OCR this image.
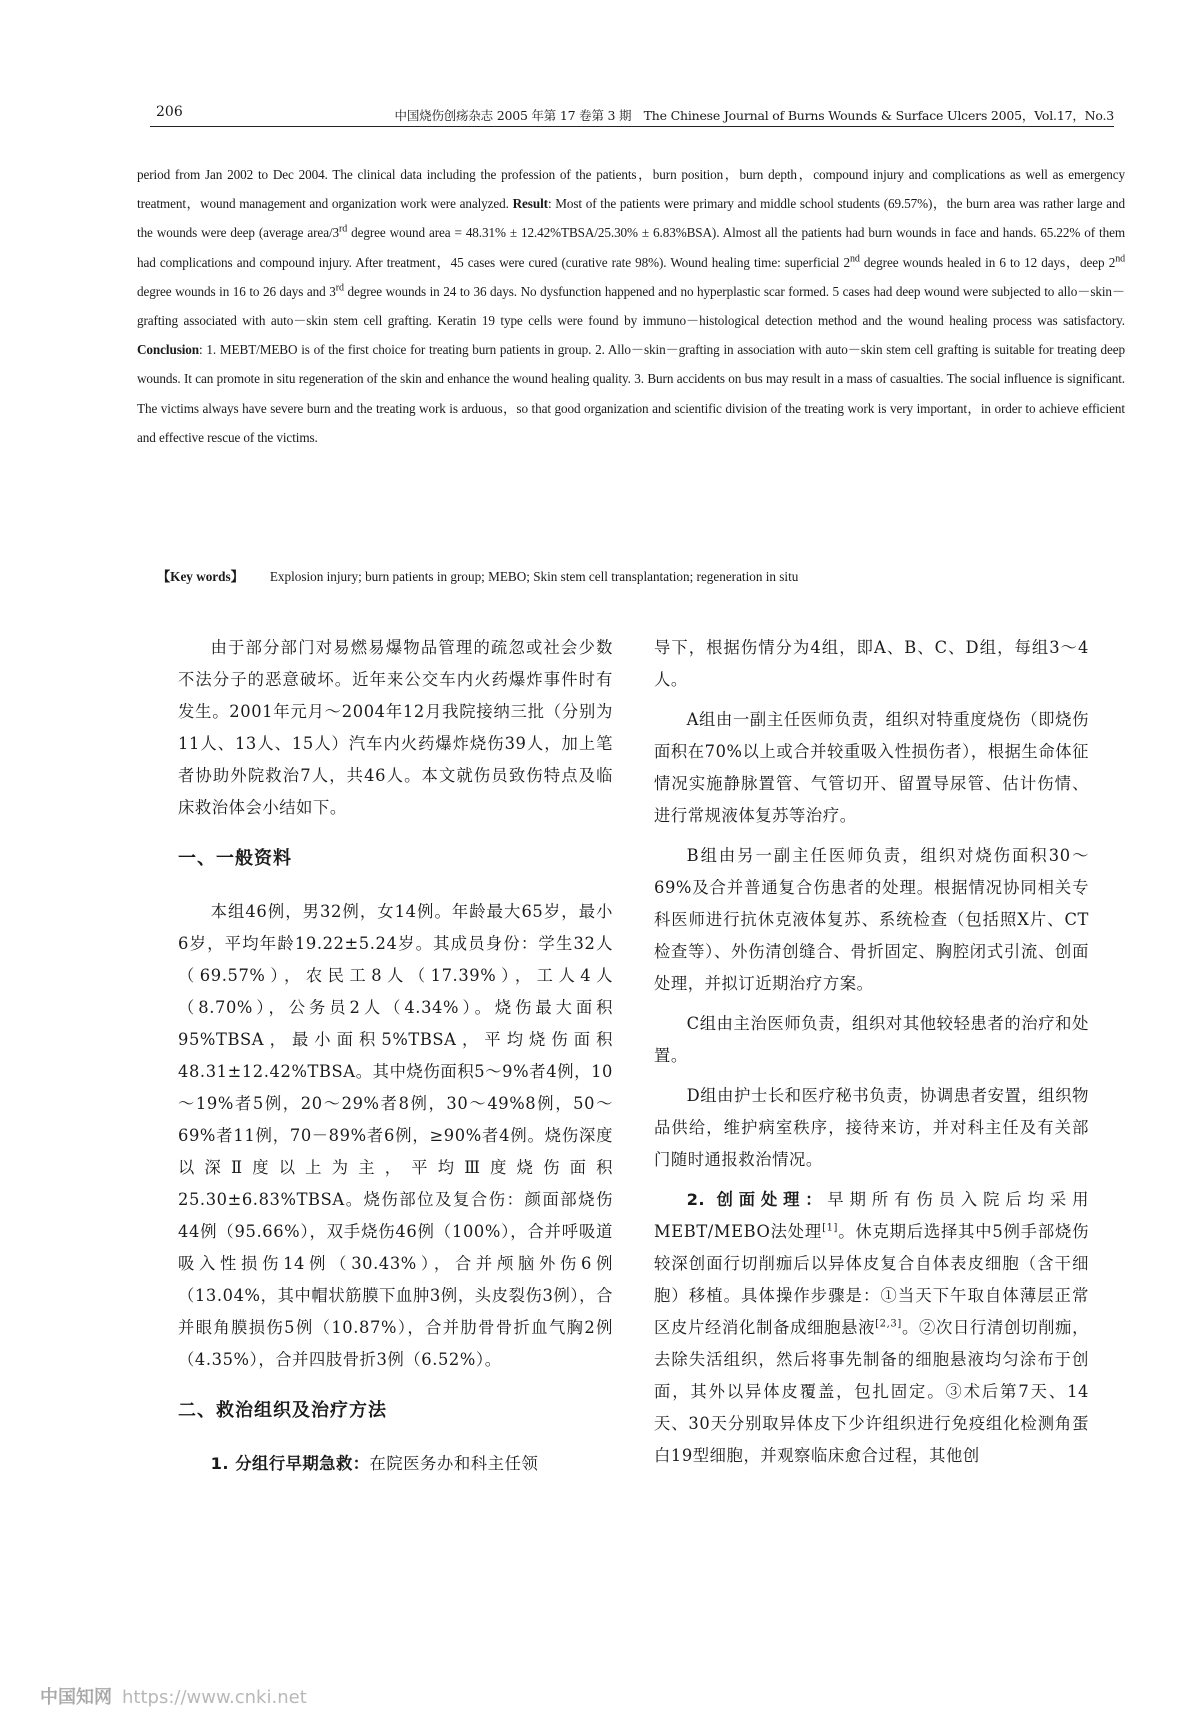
206	中国烧伤创疡杂志 2005 年第 17 卷第 3 期　The Chinese Journal of Burns Wounds & Surface Ulcers 2005，Vol.17，No.3
period from Jan 2002 to Dec 2004. The clinical data including the profession of the patients，burn position，burn depth，compound injury and complications as well as emergency treatment，wound management and organization work were analyzed. Result: Most of the patients were primary and middle school students (69.57%)，the burn area was rather large and the wounds were deep (average area/3rd degree wound area = 48.31% ± 12.42%TBSA/25.30% ± 6.83%BSA). Almost all the patients had burn wounds in face and hands. 65.22% of them had complications and compound injury. After treatment，45 cases were cured (curative rate 98%). Wound healing time: superficial 2nd degree wounds healed in 6 to 12 days，deep 2nd degree wounds in 16 to 26 days and 3rd degree wounds in 24 to 36 days. No dysfunction happened and no hyperplastic scar formed. 5 cases had deep wound were subjected to allo－skin－grafting associated with auto－skin stem cell grafting. Keratin 19 type cells were found by immuno－histological detection method and the wound healing process was satisfactory. Conclusion: 1. MEBT/MEBO is of the first choice for treating burn patients in group. 2. Allo－skin－grafting in association with auto－skin stem cell grafting is suitable for treating deep wounds. It can promote in situ regeneration of the skin and enhance the wound healing quality. 3. Burn accidents on bus may result in a mass of casualties. The social influence is significant. The victims always have severe burn and the treating work is arduous，so that good organization and scientific division of the treating work is very important，in order to achieve efficient and effective rescue of the victims.
【Key words】 Explosion injury; burn patients in group; MEBO; Skin stem cell transplantation; regeneration in situ

由于部分部门对易燃易爆物品管理的疏忽或社会少数不法分子的恶意破坏。近年来公交车内火药爆炸事件时有发生。2001年元月～2004年12月我院接纳三批（分别为11人、13人、15人）汽车内火药爆炸烧伤39人，加上笔者协助外院救治7人，共46人。本文就伤员致伤特点及临床救治体会小结如下。

一、一般资料

本组46例，男32例，女14例。年龄最大65岁，最小6岁，平均年龄19.22±5.24岁。其成员身份：学生32人（69.57%），农民工8人（17.39%），工人4人（8.70%），公务员2人（4.34%）。烧伤最大面积95%TBSA，最小面积5%TBSA，平均烧伤面积48.31±12.42%TBSA。其中烧伤面积5～9%者4例，10～19%者5例，20～29%者8例，30～49%8例，50～69%者11例，70－89%者6例，≥90%者4例。烧伤深度以深Ⅱ度以上为主，平均Ⅲ度烧伤面积25.30±6.83%TBSA。烧伤部位及复合伤：颜面部烧伤44例（95.66%），双手烧伤46例（100%），合并呼吸道吸入性损伤14例（30.43%），合并颅脑外伤6例（13.04%，其中帽状筋膜下血肿3例，头皮裂伤3例），合并眼角膜损伤5例（10.87%），合并肋骨骨折血气胸2例（4.35%），合并四肢骨折3例（6.52%）。

二、救治组织及治疗方法

1. 分组行早期急救：在院医务办和科主任领

导下，根据伤情分为4组，即A、B、C、D组，每组3～4人。

A组由一副主任医师负责，组织对特重度烧伤（即烧伤面积在70%以上或合并较重吸入性损伤者），根据生命体征情况实施静脉置管、气管切开、留置导尿管、估计伤情、进行常规液体复苏等治疗。

B组由另一副主任医师负责，组织对烧伤面积30～69%及合并普通复合伤患者的处理。根据情况协同相关专科医师进行抗休克液体复苏、系统检查（包括照X片、CT检查等）、外伤清创缝合、骨折固定、胸腔闭式引流、创面处理，并拟订近期治疗方案。

C组由主治医师负责，组织对其他较轻患者的治疗和处置。

D组由护士长和医疗秘书负责，协调患者安置，组织物品供给，维护病室秩序，接待来访，并对科主任及有关部门随时通报救治情况。

2. 创面处理：早期所有伤员入院后均采用MEBT/MEBO法处理[1]。休克期后选择其中5例手部烧伤较深创面行切削痂后以异体皮复合自体表皮细胞（含干细胞）移植。具体操作步骤是：①当天下午取自体薄层正常区皮片经消化制备成细胞悬液[2,3]。②次日行清创切削痂，去除失活组织，然后将事先制备的细胞悬液均匀涂布于创面，其外以异体皮覆盖，包扎固定。③术后第7天、14天、30天分别取异体皮下少许组织进行免疫组化检测角蛋白19型细胞，并观察临床愈合过程，其他创

中国知网 https://www.cnki.net
